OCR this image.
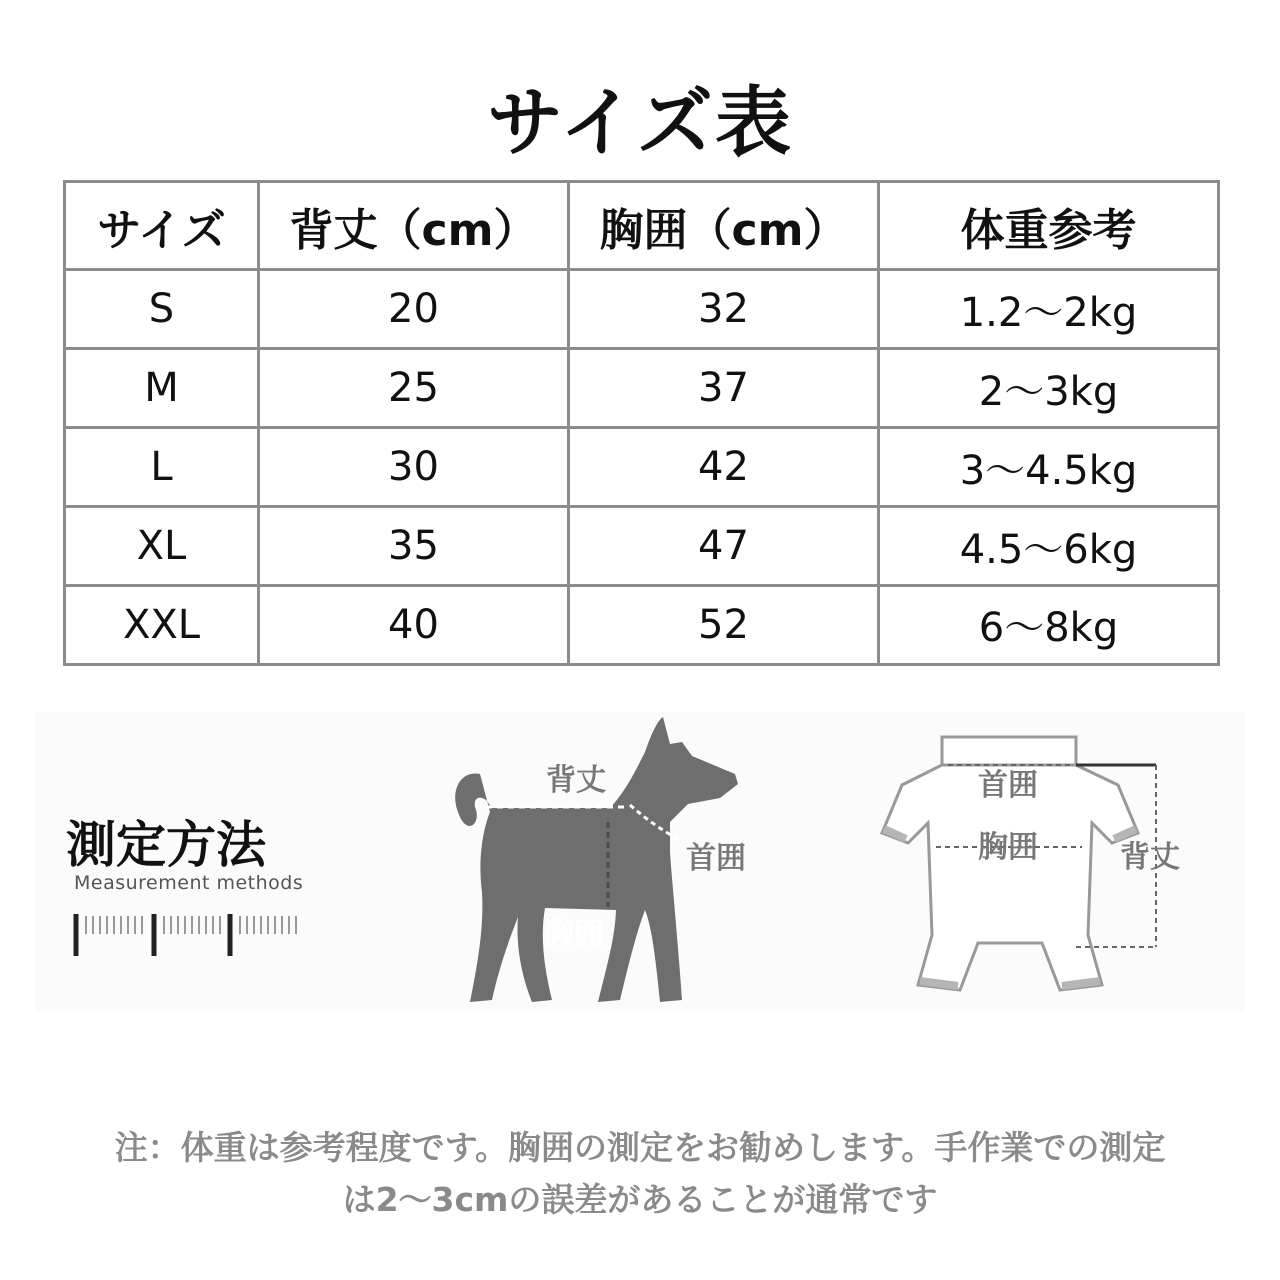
サイズ表
サイズ	背丈（cm）	胸囲（cm）	体重参考
S	20	32	1.2～2kg
M	25	37	2～3kg
L	30	42	3～4.5kg
XL	35	47	4.5～6kg
XXL	40	52	6～8kg
測定方法
Measurement methods
背丈
首囲
胸囲
首囲
胸囲	背丈
注：体重は参考程度です。胸囲の測定をお勧めします。手作業での測定
は2～3cmの誤差があることが通常です
